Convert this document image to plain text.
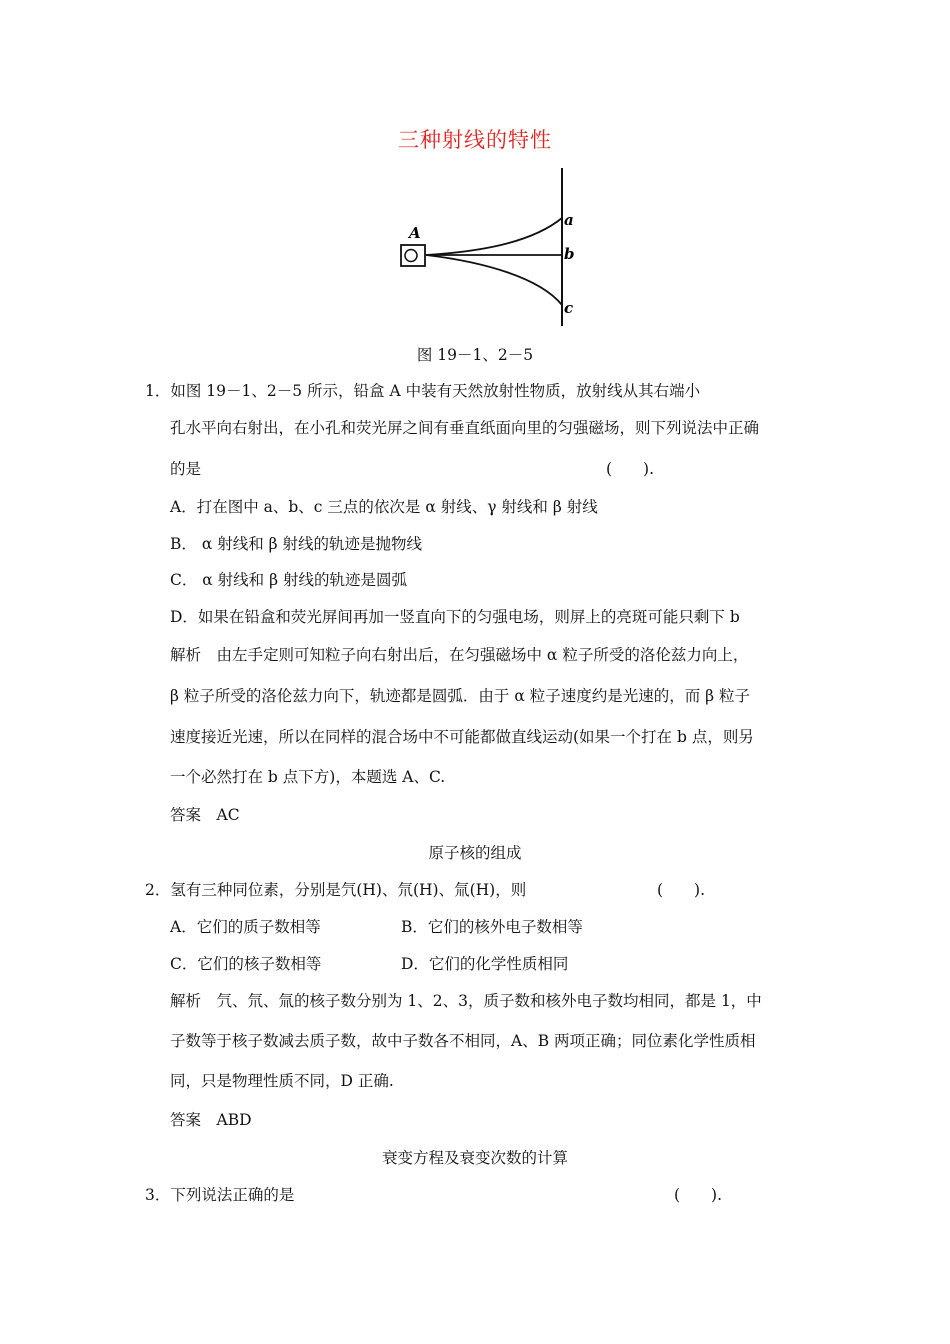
三种射线的特性
A
a
b
c
图 19－1、2－5
1．如图 19－1、2－5 所示，铅盒 A 中装有天然放射性物质，放射线从其右端小
孔水平向右射出，在小孔和荧光屏之间有垂直纸面向里的匀强磁场，则下列说法中正确
的是	(　　).
A．打在图中 a、b、c 三点的依次是 α 射线、γ 射线和 β 射线
B． α 射线和 β 射线的轨迹是抛物线
C． α 射线和 β 射线的轨迹是圆弧
D．如果在铅盒和荧光屏间再加一竖直向下的匀强电场，则屏上的亮斑可能只剩下 b
解析　由左手定则可知粒子向右射出后，在匀强磁场中 α 粒子所受的洛伦兹力向上，
β 粒子所受的洛伦兹力向下，轨迹都是圆弧．由于 α 粒子速度约是光速的，而 β 粒子
速度接近光速，所以在同样的混合场中不可能都做直线运动(如果一个打在 b 点，则另
一个必然打在 b 点下方)，本题选 A、C.
答案　AC
原子核的组成
2．氢有三种同位素，分别是氕(H)、氘(H)、氚(H)，则	(　　).
A．它们的质子数相等	B．它们的核外电子数相等
C．它们的核子数相等	D．它们的化学性质相同
解析　氕、氘、氚的核子数分别为 1、2、3，质子数和核外电子数均相同，都是 1，中
子数等于核子数减去质子数，故中子数各不相同，A、B 两项正确；同位素化学性质相
同，只是物理性质不同，D 正确.
答案　ABD
衰变方程及衰变次数的计算
3．下列说法正确的是	(　　).
